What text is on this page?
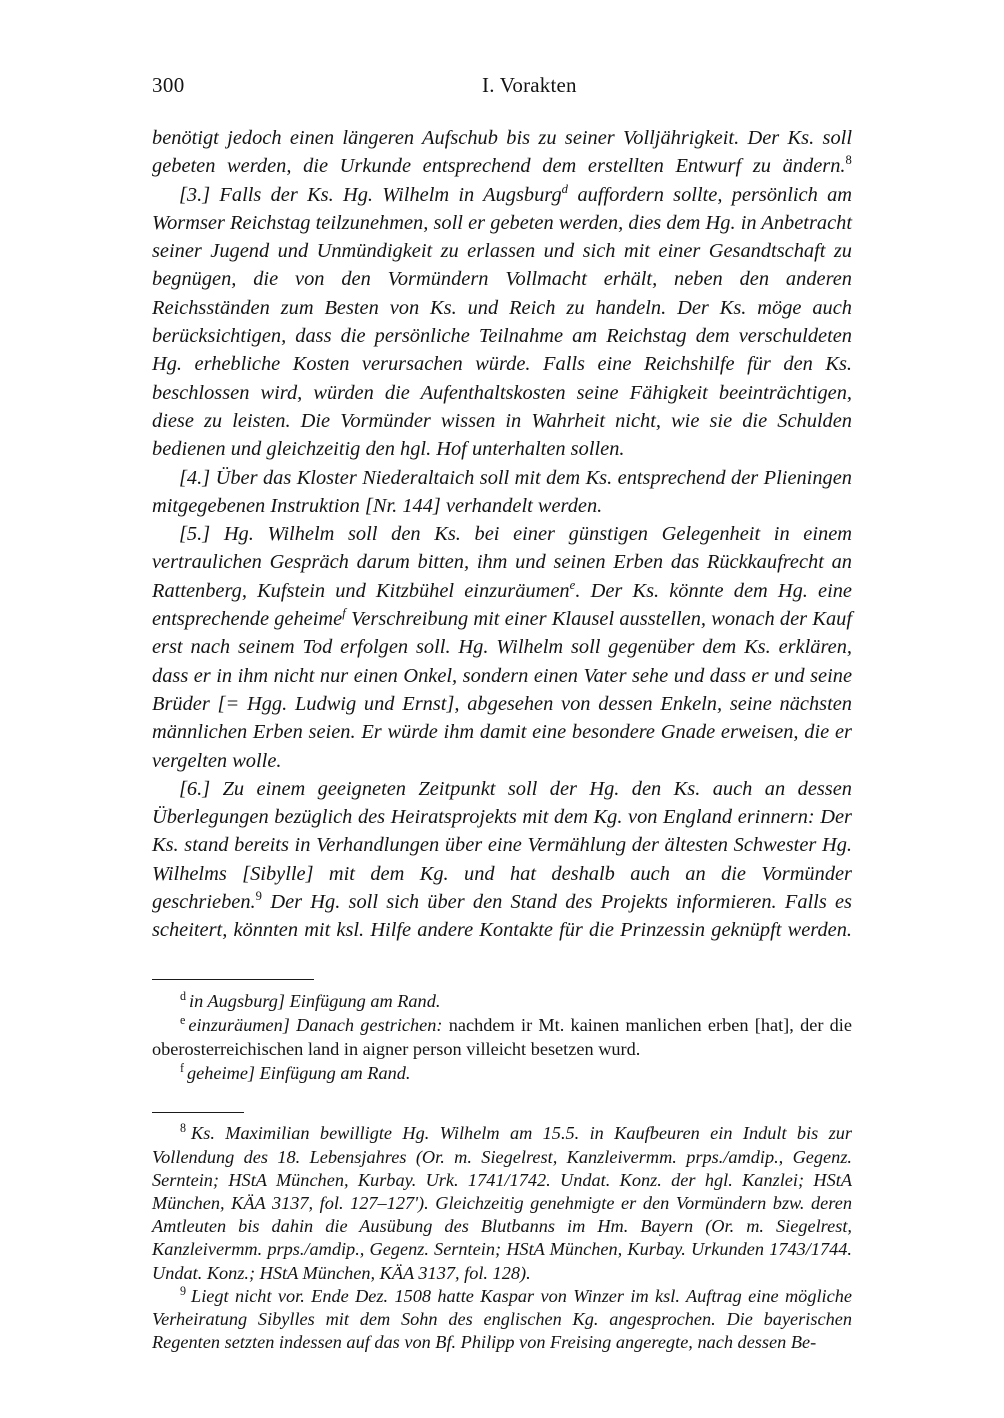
300	I. Vorakten

benötigt jedoch einen längeren Aufschub bis zu seiner Volljährigkeit. Der Ks. soll gebeten werden, die Urkunde entsprechend dem erstellten Entwurf zu ändern.$^8$

[3.] Falls der Ks. Hg. Wilhelm in Augsburg$^d$ auffordern sollte, persönlich am Wormser Reichstag teilzunehmen, soll er gebeten werden, dies dem Hg. in Anbetracht seiner Jugend und Unmündigkeit zu erlassen und sich mit einer Gesandtschaft zu begnügen, die von den Vormündern Vollmacht erhält, neben den anderen Reichsständen zum Besten von Ks. und Reich zu handeln. Der Ks. möge auch berücksichtigen, dass die persönliche Teilnahme am Reichstag dem verschuldeten Hg. erhebliche Kosten verursachen würde. Falls eine Reichshilfe für den Ks. beschlossen wird, würden die Aufenthaltskosten seine Fähigkeit beeinträchtigen, diese zu leisten. Die Vormünder wissen in Wahrheit nicht, wie sie die Schulden bedienen und gleichzeitig den hgl. Hof unterhalten sollen.

[4.] Über das Kloster Niederaltaich soll mit dem Ks. entsprechend der Plieningen mitgegebenen Instruktion [Nr. 144] verhandelt werden.

[5.] Hg. Wilhelm soll den Ks. bei einer günstigen Gelegenheit in einem vertraulichen Gespräch darum bitten, ihm und seinen Erben das Rückkaufrecht an Rattenberg, Kufstein und Kitzbühel einzuräumen$^e$. Der Ks. könnte dem Hg. eine entsprechende geheime$^f$ Verschreibung mit einer Klausel ausstellen, wonach der Kauf erst nach seinem Tod erfolgen soll. Hg. Wilhelm soll gegenüber dem Ks. erklären, dass er in ihm nicht nur einen Onkel, sondern einen Vater sehe und dass er und seine Brüder [= Hgg. Ludwig und Ernst], abgesehen von dessen Enkeln, seine nächsten männlichen Erben seien. Er würde ihm damit eine besondere Gnade erweisen, die er vergelten wolle.

[6.] Zu einem geeigneten Zeitpunkt soll der Hg. den Ks. auch an dessen Überlegungen bezüglich des Heiratsprojekts mit dem Kg. von England erinnern: Der Ks. stand bereits in Verhandlungen über eine Vermählung der ältesten Schwester Hg. Wilhelms [Sibylle] mit dem Kg. und hat deshalb auch an die Vormünder geschrieben.$^9$ Der Hg. soll sich über den Stand des Projekts informieren. Falls es scheitert, könnten mit ksl. Hilfe andere Kontakte für die Prinzessin geknüpft werden.

$^d$ in Augsburg] Einfügung am Rand.

$^e$ einzuräumen] Danach gestrichen: nachdem ir Mt. kainen manlichen erben [hat], der die oberosterreichischen land in aigner person villeicht besetzen wurd.

$^f$ geheime] Einfügung am Rand.

$^8$ Ks. Maximilian bewilligte Hg. Wilhelm am 15.5. in Kaufbeuren ein Indult bis zur Vollendung des 18. Lebensjahres (Or. m. Siegelrest, Kanzleivermm. prps./amdip., Gegenz. Serntein; HStA München, Kurbay. Urk. 1741/1742. Undat. Konz. der hgl. Kanzlei; HStA München, KÄA 3137, fol. 127–127'). Gleichzeitig genehmigte er den Vormündern bzw. deren Amtleuten bis dahin die Ausübung des Blutbanns im Hm. Bayern (Or. m. Siegelrest, Kanzleivermm. prps./amdip., Gegenz. Serntein; HStA München, Kurbay. Urkunden 1743/1744. Undat. Konz.; HStA München, KÄA 3137, fol. 128).

$^9$ Liegt nicht vor. Ende Dez. 1508 hatte Kaspar von Winzer im ksl. Auftrag eine mögliche Verheiratung Sibylles mit dem Sohn des englischen Kg. angesprochen. Die bayerischen Regenten setzten indessen auf das von Bf. Philipp von Freising angeregte, nach dessen Be-
